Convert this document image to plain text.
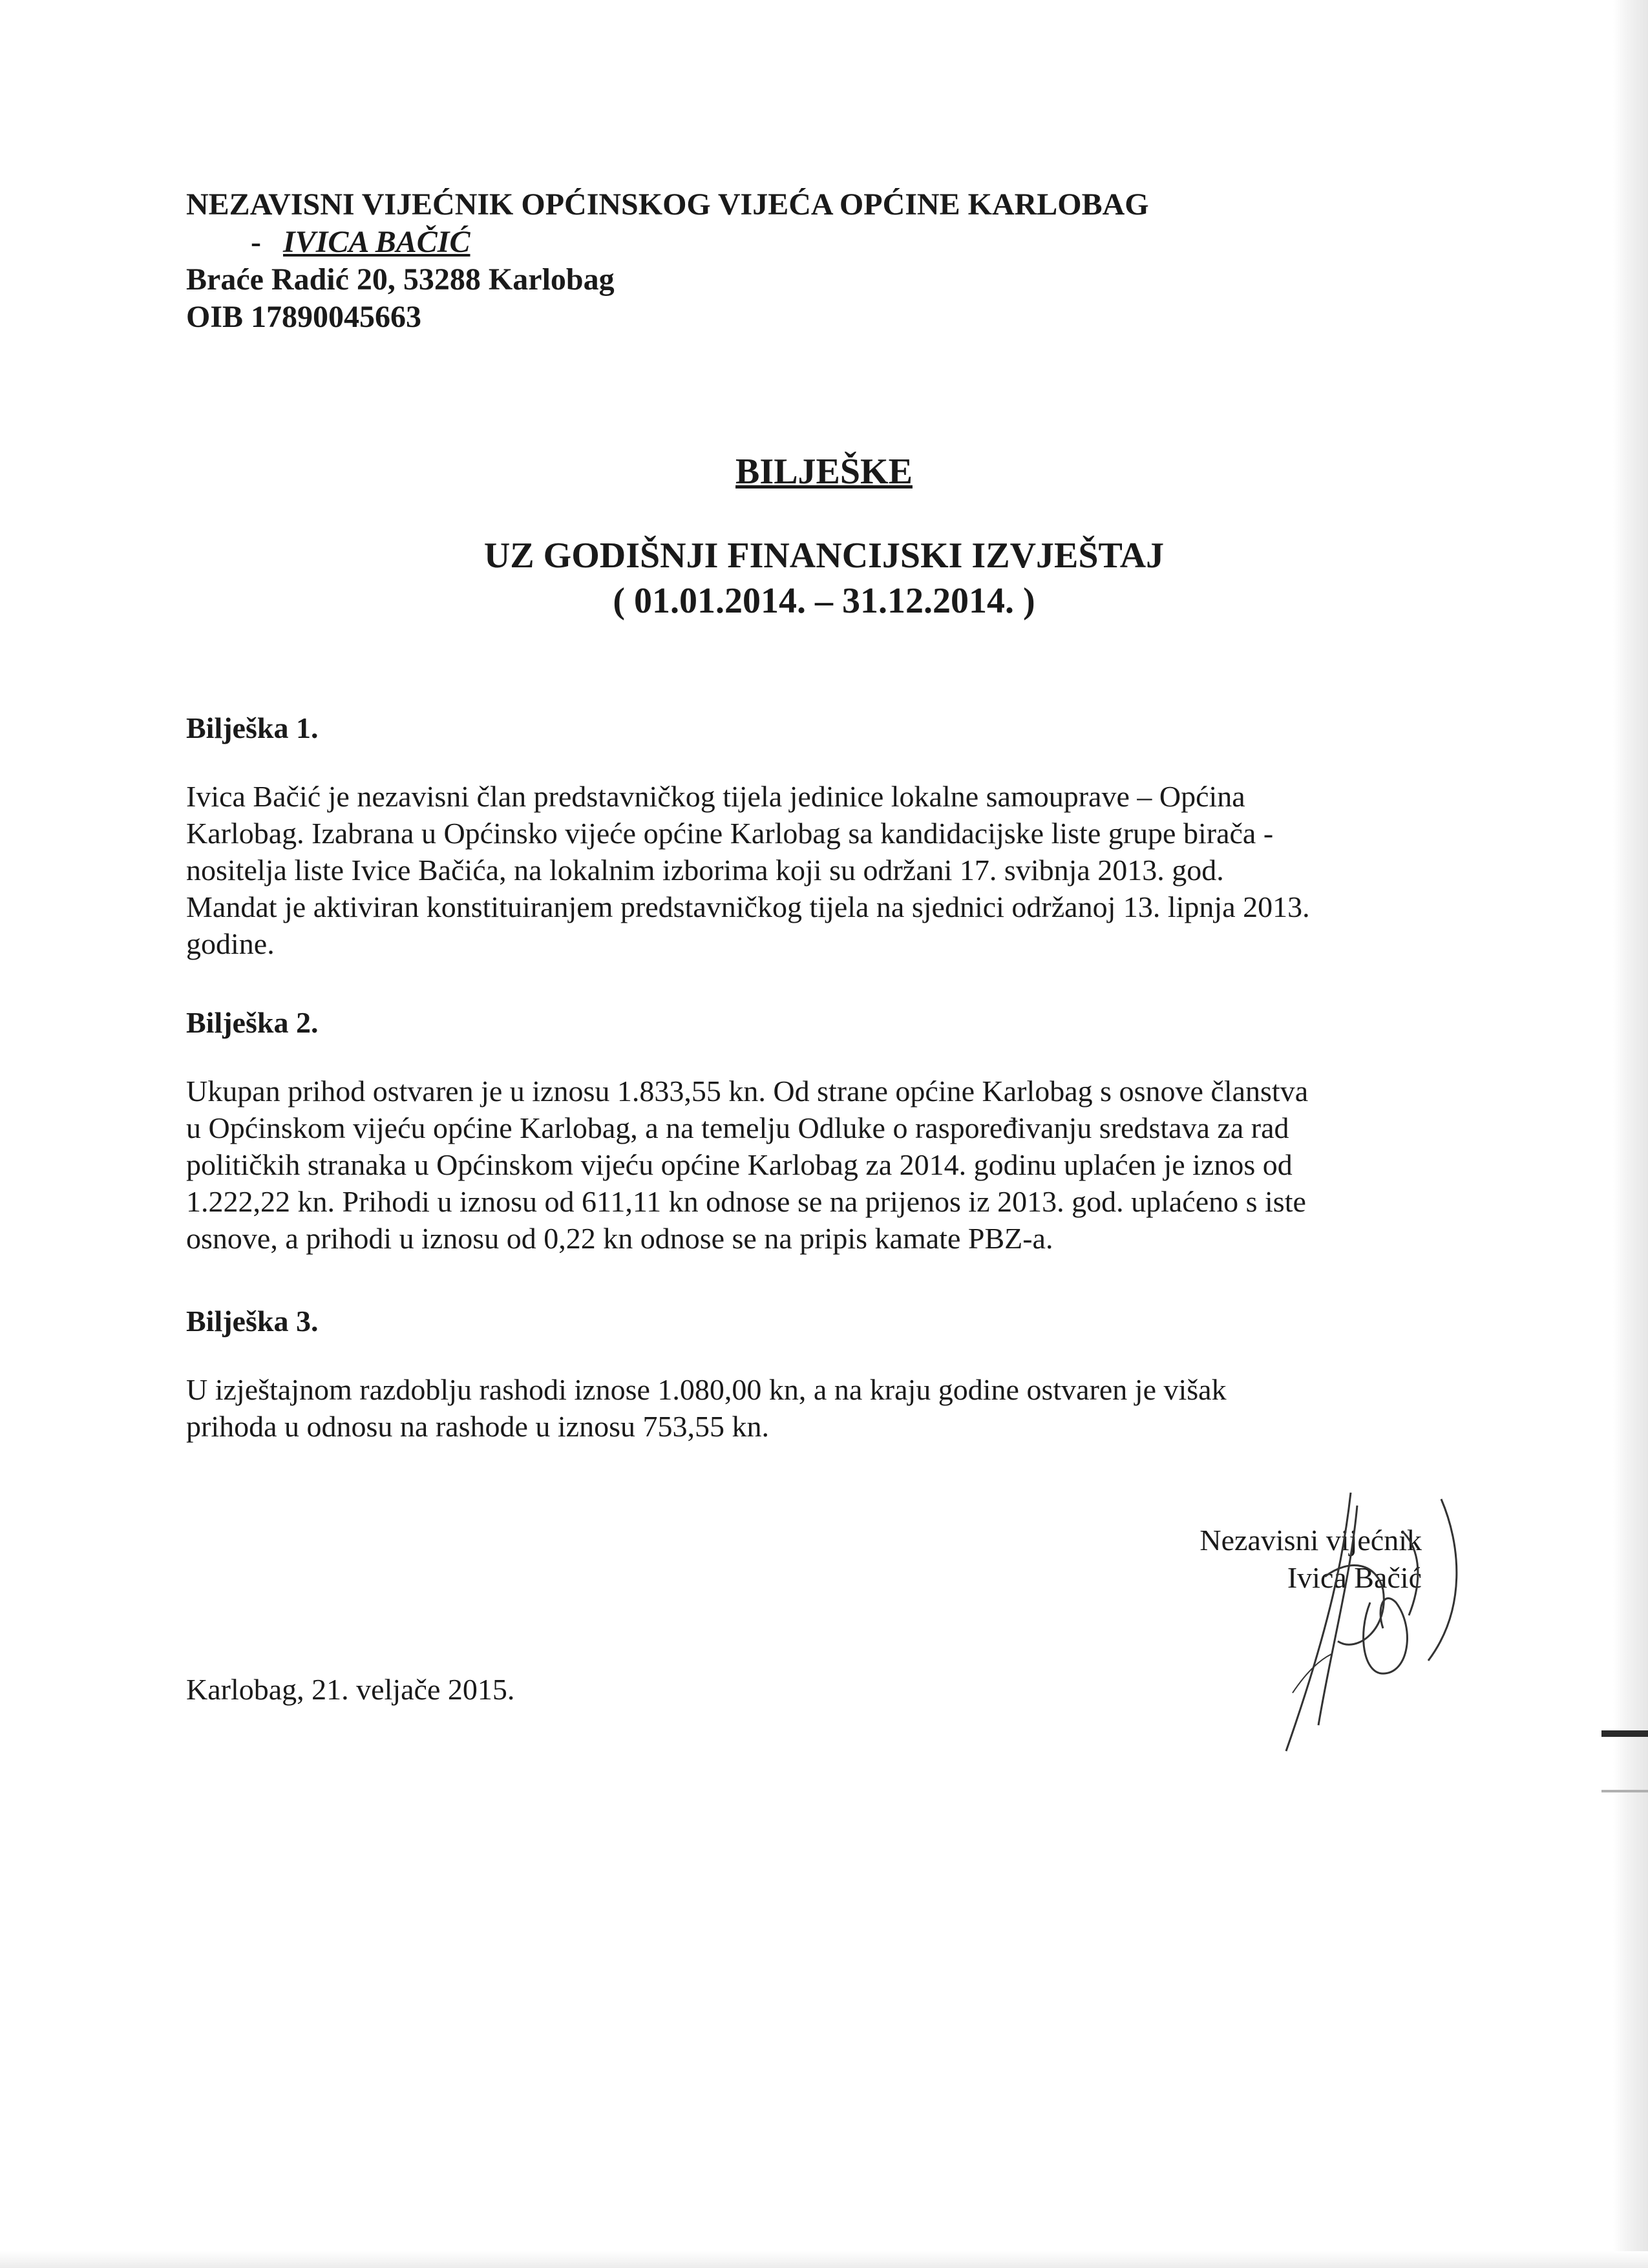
NEZAVISNI VIJEĆNIK OPĆINSKOG VIJEĆA OPĆINE KARLOBAG
- IVICA BAČIĆ
Braće Radić 20, 53288 Karlobag
OIB 17890045663
BILJEŠKE
UZ GODIŠNJI FINANCIJSKI IZVJEŠTAJ
( 01.01.2014. – 31.12.2014. )
Bilješka 1.
Ivica Bačić je nezavisni član predstavničkog tijela jedinice lokalne samouprave – Općina
Karlobag. Izabrana u Općinsko vijeće općine Karlobag sa kandidacijske liste grupe birača -
nositelja liste Ivice Bačića, na lokalnim izborima koji su održani 17. svibnja 2013. god.
Mandat je aktiviran konstituiranjem predstavničkog tijela na sjednici održanoj 13. lipnja 2013.
godine.
Bilješka 2.
Ukupan prihod ostvaren je u iznosu 1.833,55 kn. Od strane općine Karlobag s osnove članstva
u Općinskom vijeću općine Karlobag, a na temelju Odluke o raspoređivanju sredstava za rad
političkih stranaka u Općinskom vijeću općine Karlobag za 2014. godinu uplaćen je iznos od
1.222,22 kn. Prihodi u iznosu od 611,11 kn odnose se na prijenos iz 2013. god. uplaćeno s iste
osnove, a prihodi u iznosu od 0,22 kn odnose se na pripis kamate PBZ-a.
Bilješka 3.
U izještajnom razdoblju rashodi iznose 1.080,00 kn, a na kraju godine ostvaren je višak
prihoda u odnosu na rashode u iznosu 753,55 kn.
Nezavisni vijećnik
Ivica Bačić
Karlobag, 21. veljače 2015.
